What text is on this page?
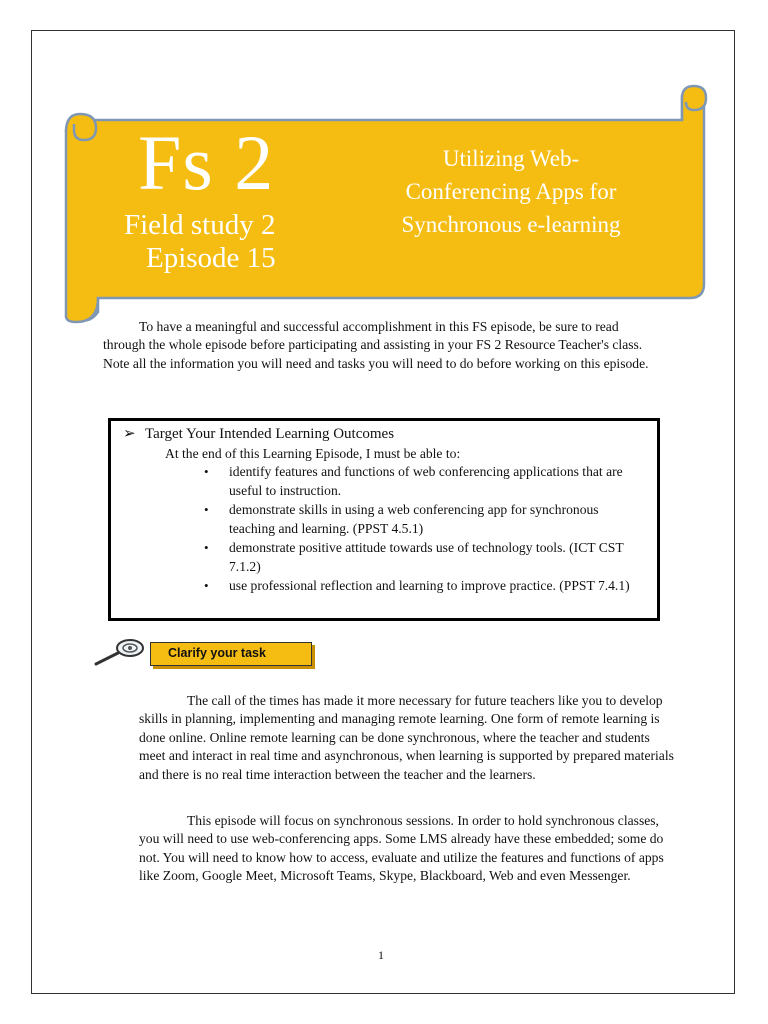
Fs 2
Field study 2
Episode 15
Utilizing Web-
Conferencing Apps for
Synchronous e-learning

To have a meaningful and successful accomplishment in this FS episode, be sure to read through the whole episode before participating and assisting in your FS 2 Resource Teacher's class. Note all the information you will need and tasks you will need to do before working on this episode.

➢ Target Your Intended Learning Outcomes
At the end of this Learning Episode, I must be able to:
• identify features and functions of web conferencing applications that are useful to instruction.
• demonstrate skills in using a web conferencing app for synchronous teaching and learning. (PPST 4.5.1)
• demonstrate positive attitude towards use of technology tools. (ICT CST 7.1.2)
• use professional reflection and learning to improve practice. (PPST 7.4.1)
Clarify your task

The call of the times has made it more necessary for future teachers like you to develop skills in planning, implementing and managing remote learning. One form of remote learning is done online. Online remote learning can be done synchronous, where the teacher and students meet and interact in real time and asynchronous, when learning is supported by prepared materials and there is no real time interaction between the teacher and the learners.

This episode will focus on synchronous sessions. In order to hold synchronous classes, you will need to use web-conferencing apps. Some LMS already have these embedded; some do not. You will need to know how to access, evaluate and utilize the features and functions of apps like Zoom, Google Meet, Microsoft Teams, Skype, Blackboard, Web and even Messenger.

1
